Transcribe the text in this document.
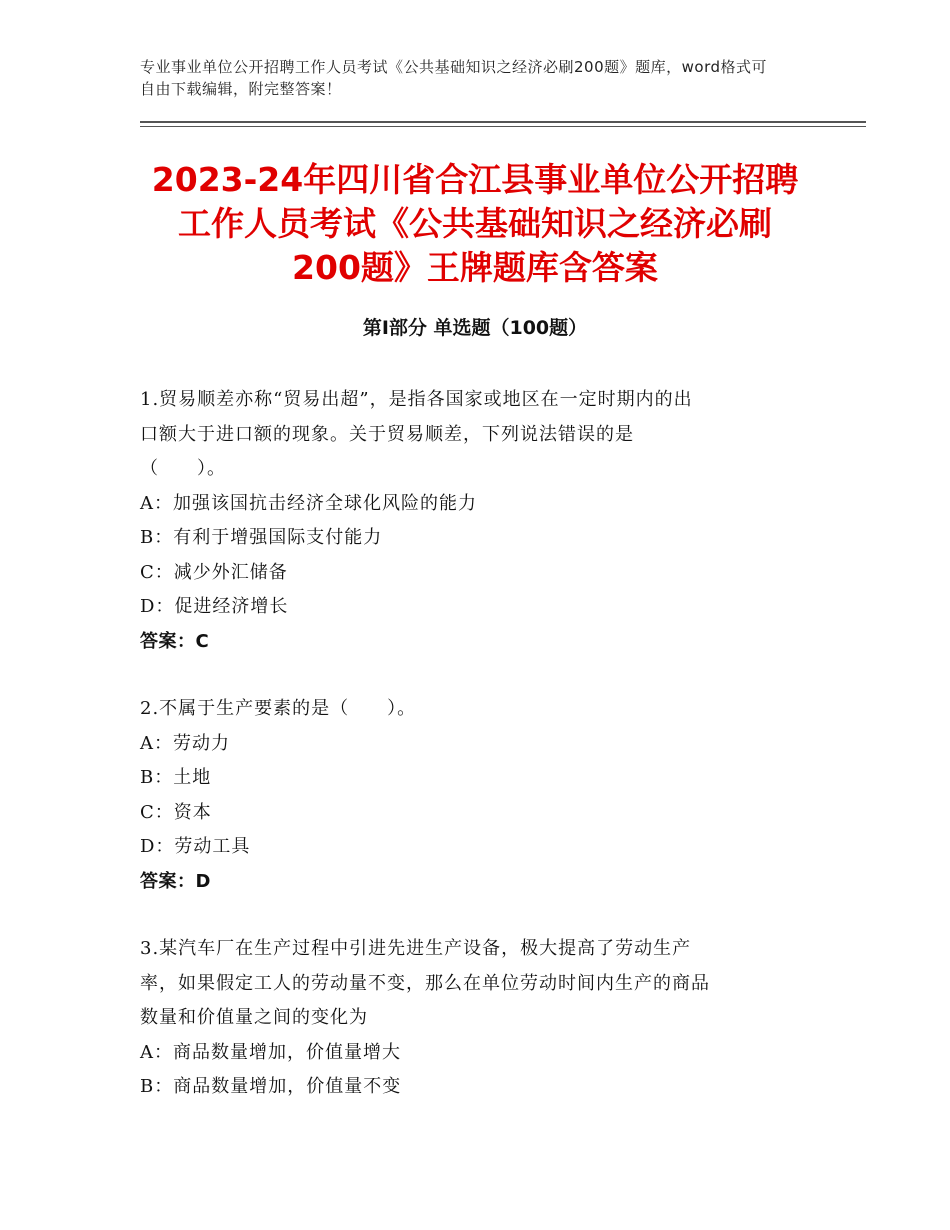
专业事业单位公开招聘工作人员考试《公共基础知识之经济必刷200题》题库，word格式可自由下载编辑，附完整答案！
2023-24年四川省合江县事业单位公开招聘
工作人员考试《公共基础知识之经济必刷
200题》王牌题库含答案
第Ⅰ部分 单选题（100题）
1.贸易顺差亦称“贸易出超”，是指各国家或地区在一定时期内的出
口额大于进口额的现象。关于贸易顺差，下列说法错误的是
（　　）。
A：加强该国抗击经济全球化风险的能力
B：有利于增强国际支付能力
C：减少外汇储备
D：促进经济增长
答案：C
2.不属于生产要素的是（　　）。
A：劳动力
B：土地
C：资本
D：劳动工具
答案：D
3.某汽车厂在生产过程中引进先进生产设备，极大提高了劳动生产
率，如果假定工人的劳动量不变，那么在单位劳动时间内生产的商品
数量和价值量之间的变化为
A：商品数量增加，价值量增大
B：商品数量增加，价值量不变
